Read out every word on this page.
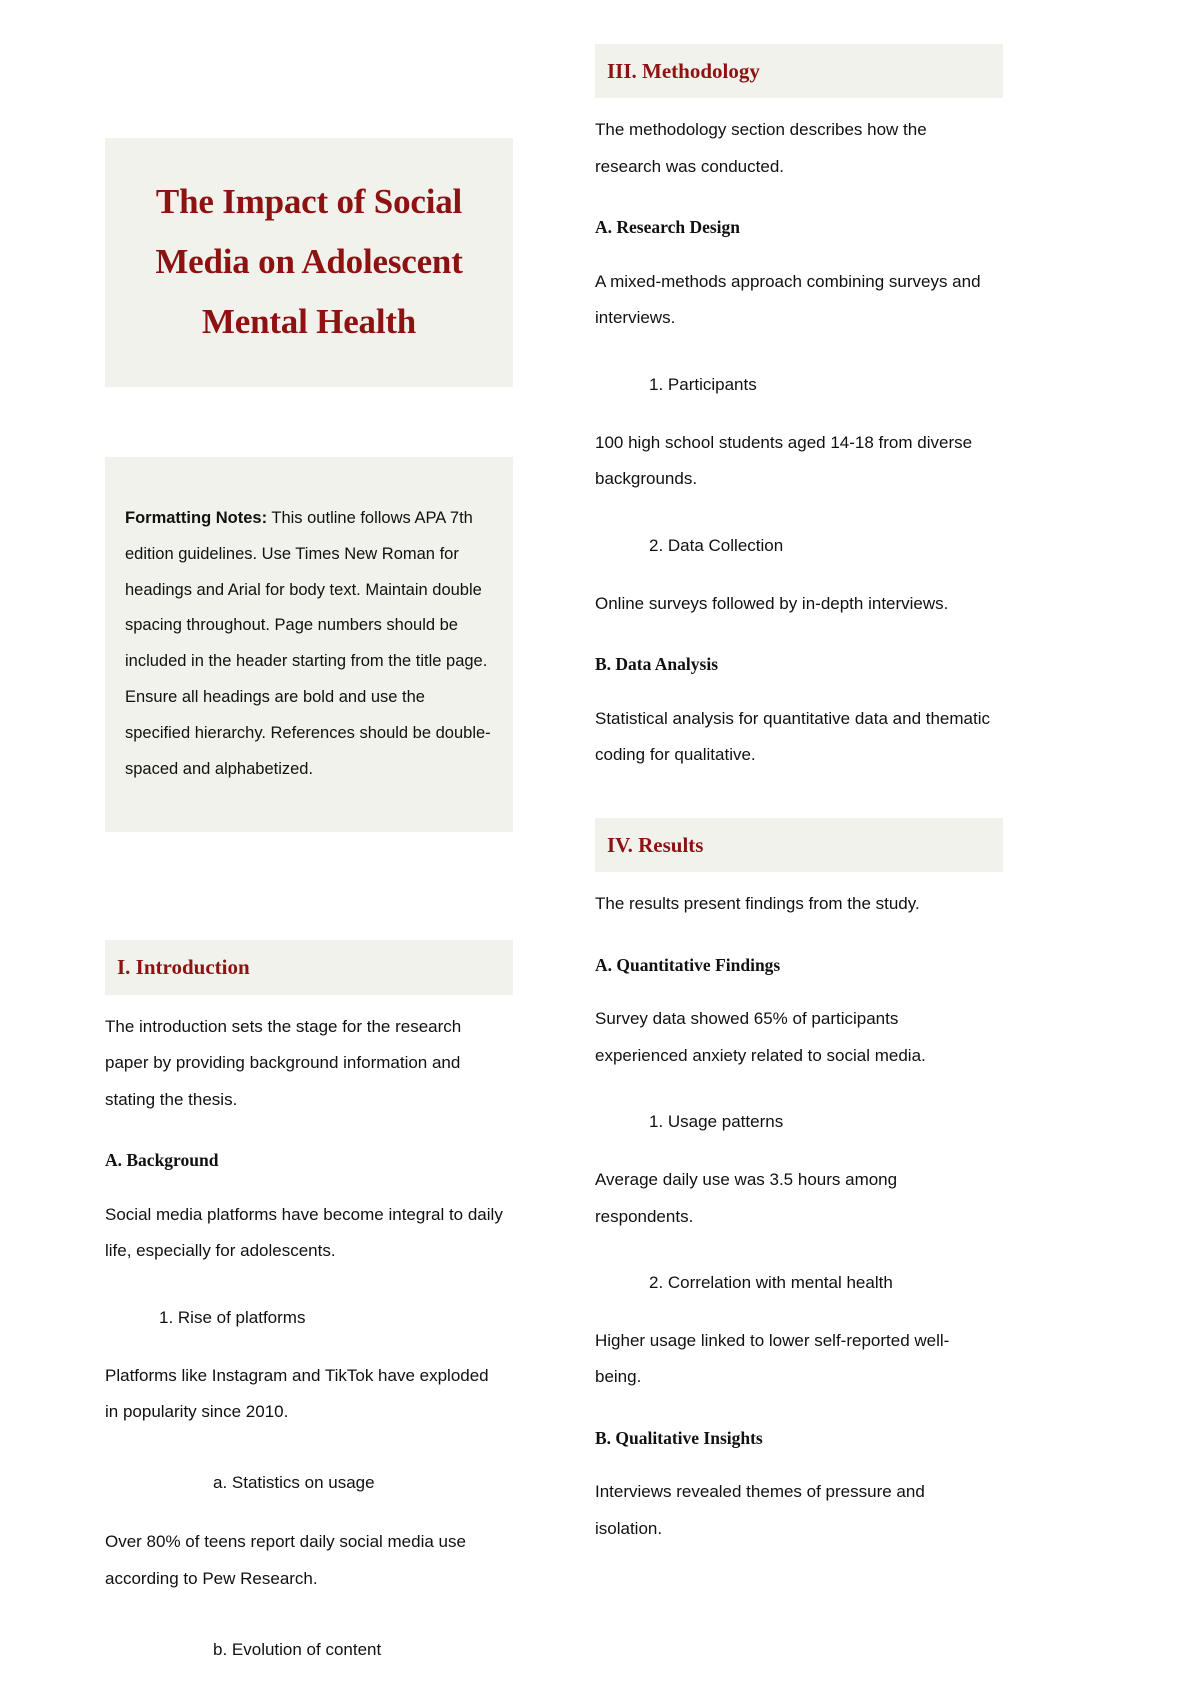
The Impact of Social Media on Adolescent Mental Health

Formatting Notes: This outline follows APA 7th edition guidelines. Use Times New Roman for headings and Arial for body text. Maintain double spacing throughout. Page numbers should be included in the header starting from the title page. Ensure all headings are bold and use the specified hierarchy. References should be double-spaced and alphabetized.

I. Introduction

The introduction sets the stage for the research paper by providing background information and stating the thesis.

A. Background

Social media platforms have become integral to daily life, especially for adolescents.

1. Rise of platforms

Platforms like Instagram and TikTok have exploded in popularity since 2010.

a. Statistics on usage

Over 80% of teens report daily social media use according to Pew Research.

b. Evolution of content

III. Methodology

The methodology section describes how the research was conducted.

A. Research Design

A mixed-methods approach combining surveys and interviews.

1. Participants

100 high school students aged 14-18 from diverse backgrounds.

2. Data Collection

Online surveys followed by in-depth interviews.

B. Data Analysis

Statistical analysis for quantitative data and thematic coding for qualitative.

IV. Results

The results present findings from the study.

A. Quantitative Findings

Survey data showed 65% of participants experienced anxiety related to social media.

1. Usage patterns

Average daily use was 3.5 hours among respondents.

2. Correlation with mental health

Higher usage linked to lower self-reported well-being.

B. Qualitative Insights

Interviews revealed themes of pressure and isolation.
